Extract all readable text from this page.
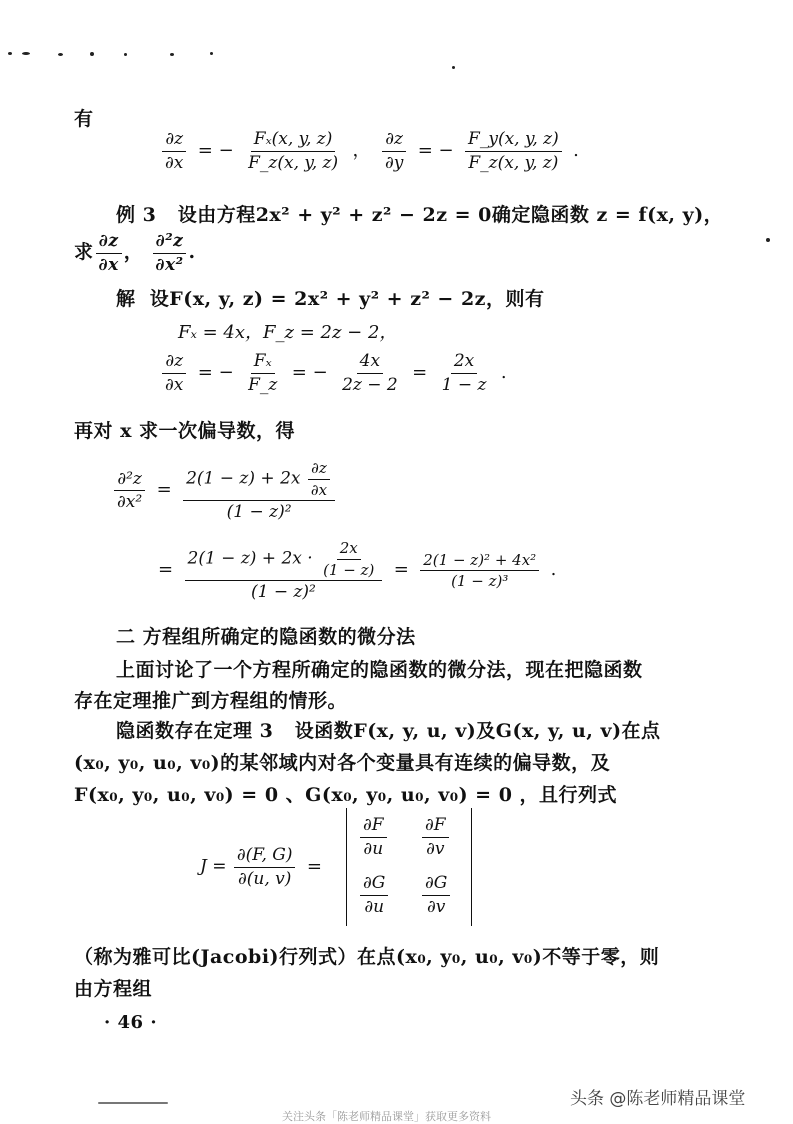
有
$\frac{\partial z}{\partial x}$ = − $\frac{\text{Fₓ(x, y, z)}}{F\_z(x, y, z)}$ ， $\frac{\partial z}{\partial y}$ = − $\frac{F\_y(x, y, z)}{F\_z(x, y, z)}$ .
例 3 设由方程2x² + y² + z² − 2z = 0确定隐函数 z = f(x, y)，
求 $\frac{\partial z}{\partial x}$ ， $\frac{\text{∂²z}}{\text{∂x²}}$ .
解 设F(x, y, z) = 2x² + y² + z² − 2z，则有
Fₓ = 4x，F_z = 2z − 2，
$\frac{\partial z}{\partial x}$ = − $\frac{\text{Fₓ}}{F\_z}$ = − $\frac{4x}{2z - 2} = \frac{2x}{1 - z}$ .
再对 x 求一次偏导数，得
$\frac{\text{∂²z}}{\text{∂x²}} = \frac{2(1 - z) + 2x \frac{\partial z}{\partial x}}{\text{(1 − z)²}}$
= $\frac{2(1 - z) + 2x \cdot \frac{2x}{(1 - z)}}{\text{(1 − z)²}} = \frac{\text{2(1 − z)² + 4x²}}{\text{(1 − z)³}}$ .
二 方程组所确定的隐函数的微分法
上面讨论了一个方程所确定的隐函数的微分法，现在把隐函数
存在定理推广到方程组的情形。
隐函数存在定理 3 设函数F(x, y, u, v)及G(x, y, u, v)在点
(x₀, y₀, u₀, v₀)的某邻域内对各个变量具有连续的偏导数，及
F(x₀, y₀, u₀, v₀) = 0 、G(x₀, y₀, u₀, v₀) = 0 ，且行列式
$J = \frac{\partial(F, G)}{\partial(u, v)}$ =
$\frac{\partial F}{\partial u} \frac{\partial F}{\partial v}$
$\frac{\partial G}{\partial u} \frac{\partial G}{\partial v}$
（称为雅可比(Jacobi)行列式）在点(x₀, y₀, u₀, v₀)不等于零，则
由方程组
· 46 ·
头条 @陈老师精品课堂
关注头条「陈老师精品课堂」获取更多资料
